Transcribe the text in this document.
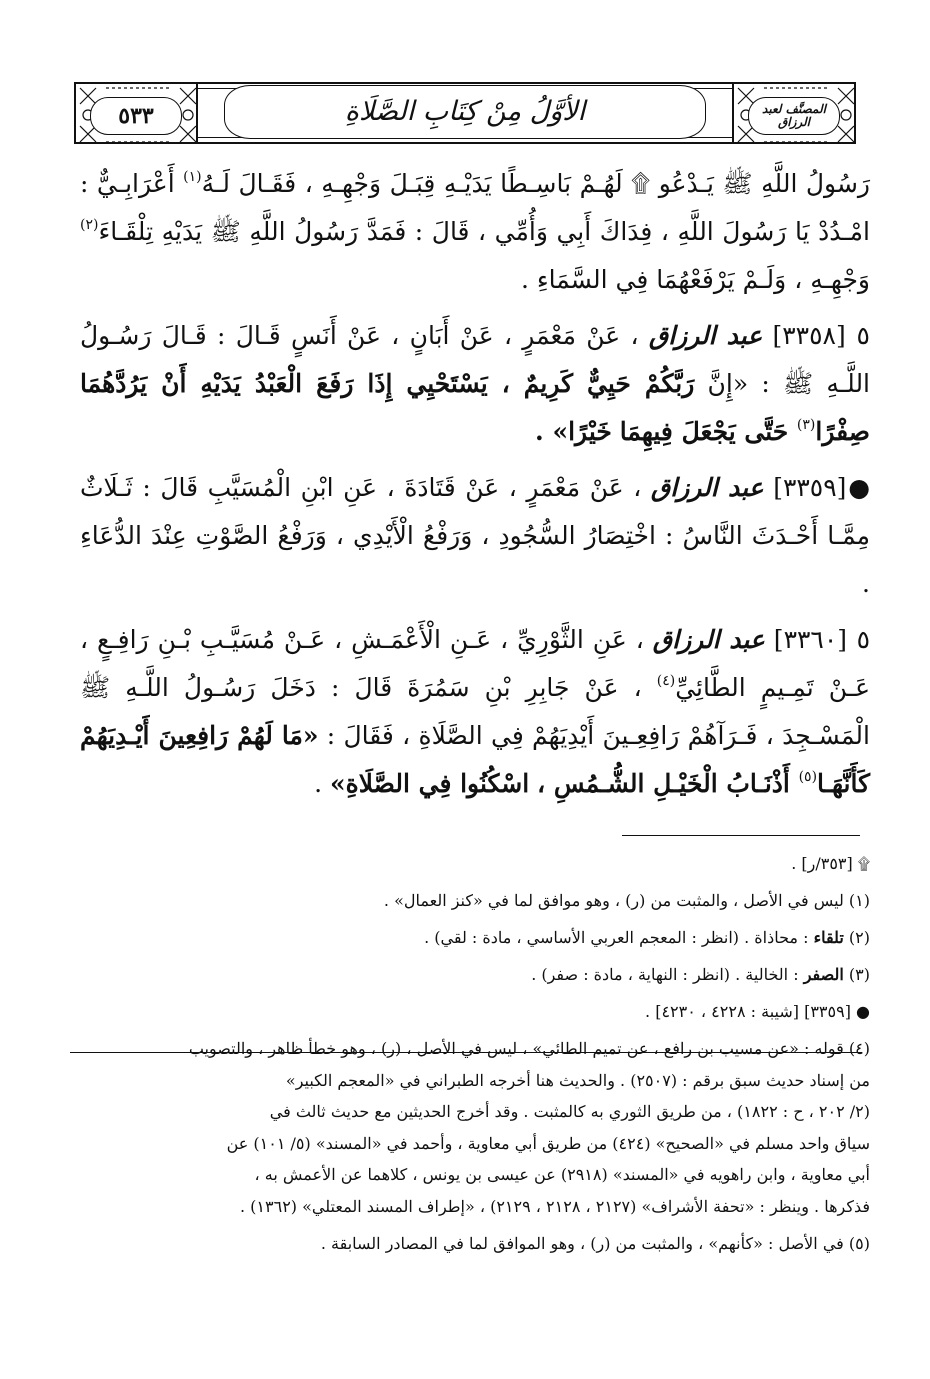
٥٣٣	الأوَّلُ مِنْ كِتَابِ الصَّلَاةِ	المصنَّف لعبد الرزاق

رَسُولُ اللَّهِ ﷺ يَـدْعُو ۩ لَهُـمْ بَاسِـطًا يَدَيْـهِ قِبَـلَ وَجْهِـهِ ، فَقَـالَ لَـهُ$^{(١)}$ أَعْرَابِـيٌّ : امْـدُدْ يَا رَسُولَ اللَّهِ ، فِدَاكَ أَبِي وَأُمِّي ، قَالَ : فَمَدَّ رَسُولُ اللَّهِ ﷺ يَدَيْهِ تِلْقَـاءَ$^{(٢)}$ وَجْهِـهِ ، وَلَـمْ يَرْفَعْهُمَا فِي السَّمَاءِ .

٥ [٣٣٥٨] عبد الرزاق ، عَنْ مَعْمَرٍ ، عَنْ أَبَانٍ ، عَنْ أَنَسٍ قَـالَ : قَـالَ رَسُـولُ اللَّـهِ ﷺ : «إِنَّ رَبَّكُمْ حَيِيٌّ كَرِيمٌ ، يَسْتَحْيِي إِذَا رَفَعَ الْعَبْدُ يَدَيْهِ أَنْ يَرُدَّهُمَا صِفْرًا$^{(٣)}$ حَتَّى يَجْعَلَ فِيهِمَا خَيْرًا» .

● [٣٣٥٩] عبد الرزاق ، عَنْ مَعْمَرٍ ، عَنْ قَتَادَةَ ، عَنِ ابْنِ الْمُسَيَّبِ قَالَ : ثَـلَاثٌ مِمَّـا أَحْـدَثَ النَّاسُ : اخْتِصَارُ السُّجُودِ ، وَرَفْعُ الْأَيْدِي ، وَرَفْعُ الصَّوْتِ عِنْدَ الدُّعَاءِ .

٥ [٣٣٦٠] عبد الرزاق ، عَنِ الثَّوْرِيِّ ، عَـنِ الْأَعْمَـشِ ، عَـنْ مُسَيَّـبِ بْـنِ رَافِـعٍ ، عَـنْ تَمِـيمٍ الطَّائِيِّ$^{(٤)}$ ، عَنْ جَابِرِ بْنِ سَمُرَةَ قَالَ : دَخَلَ رَسُـولُ اللَّـهِ ﷺ الْمَسْـجِدَ ، فَـرَآهُمْ رَافِعِـينَ أَيْدِيَهُمْ فِي الصَّلَاةِ ، فَقَالَ : «مَا لَهُمْ رَافِعِينَ أَيْـدِيَهُمْ كَأَنَّهَـا$^{(٥)}$ أَذْنَـابُ الْخَيْـلِ الشُّـمُسِ ، اسْكُنُوا فِي الصَّلَاةِ» .

۩ [٣٥٣/ر] .
(١) ليس في الأصل ، والمثبت من (ر) ، وهو موافق لما في «كنز العمال» .
(٢) تلقاء : محاذاة . (انظر : المعجم العربي الأساسي ، مادة : لقي) .
(٣) الصفر : الخالية . (انظر : النهاية ، مادة : صفر) .
● [٣٣٥٩] [شيبة : ٤٢٢٨ ، ٤٢٣٠] .
(٤) قوله : «عن مسيب بن رافع ، عن تميم الطائي» ، ليس في الأصل ، (ر) ، وهو خطأ ظاهر ، والتصويب
من إسناد حديث سبق برقم : (٢٥٠٧) . والحديث هنا أخرجه الطبراني في «المعجم الكبير»
(٢/ ٢٠٢ ، ح : ١٨٢٢) ، من طريق الثوري به كالمثبت . وقد أخرج الحديثين مع حديث ثالث في
سياق واحد مسلم في «الصحيح» (٤٢٤) من طريق أبي معاوية ، وأحمد في «المسند» (٥/ ١٠١) عن
أبي معاوية ، وابن راهويه في «المسند» (٢٩١٨) عن عيسى بن يونس ، كلاهما عن الأعمش به ،
فذكرها . وينظر : «تحفة الأشراف» (٢١٢٧ ، ٢١٢٨ ، ٢١٢٩) ، «إطراف المسند المعتلي» (١٣٦٢) .
(٥) في الأصل : «كأنهم» ، والمثبت من (ر) ، وهو الموافق لما في المصادر السابقة .
